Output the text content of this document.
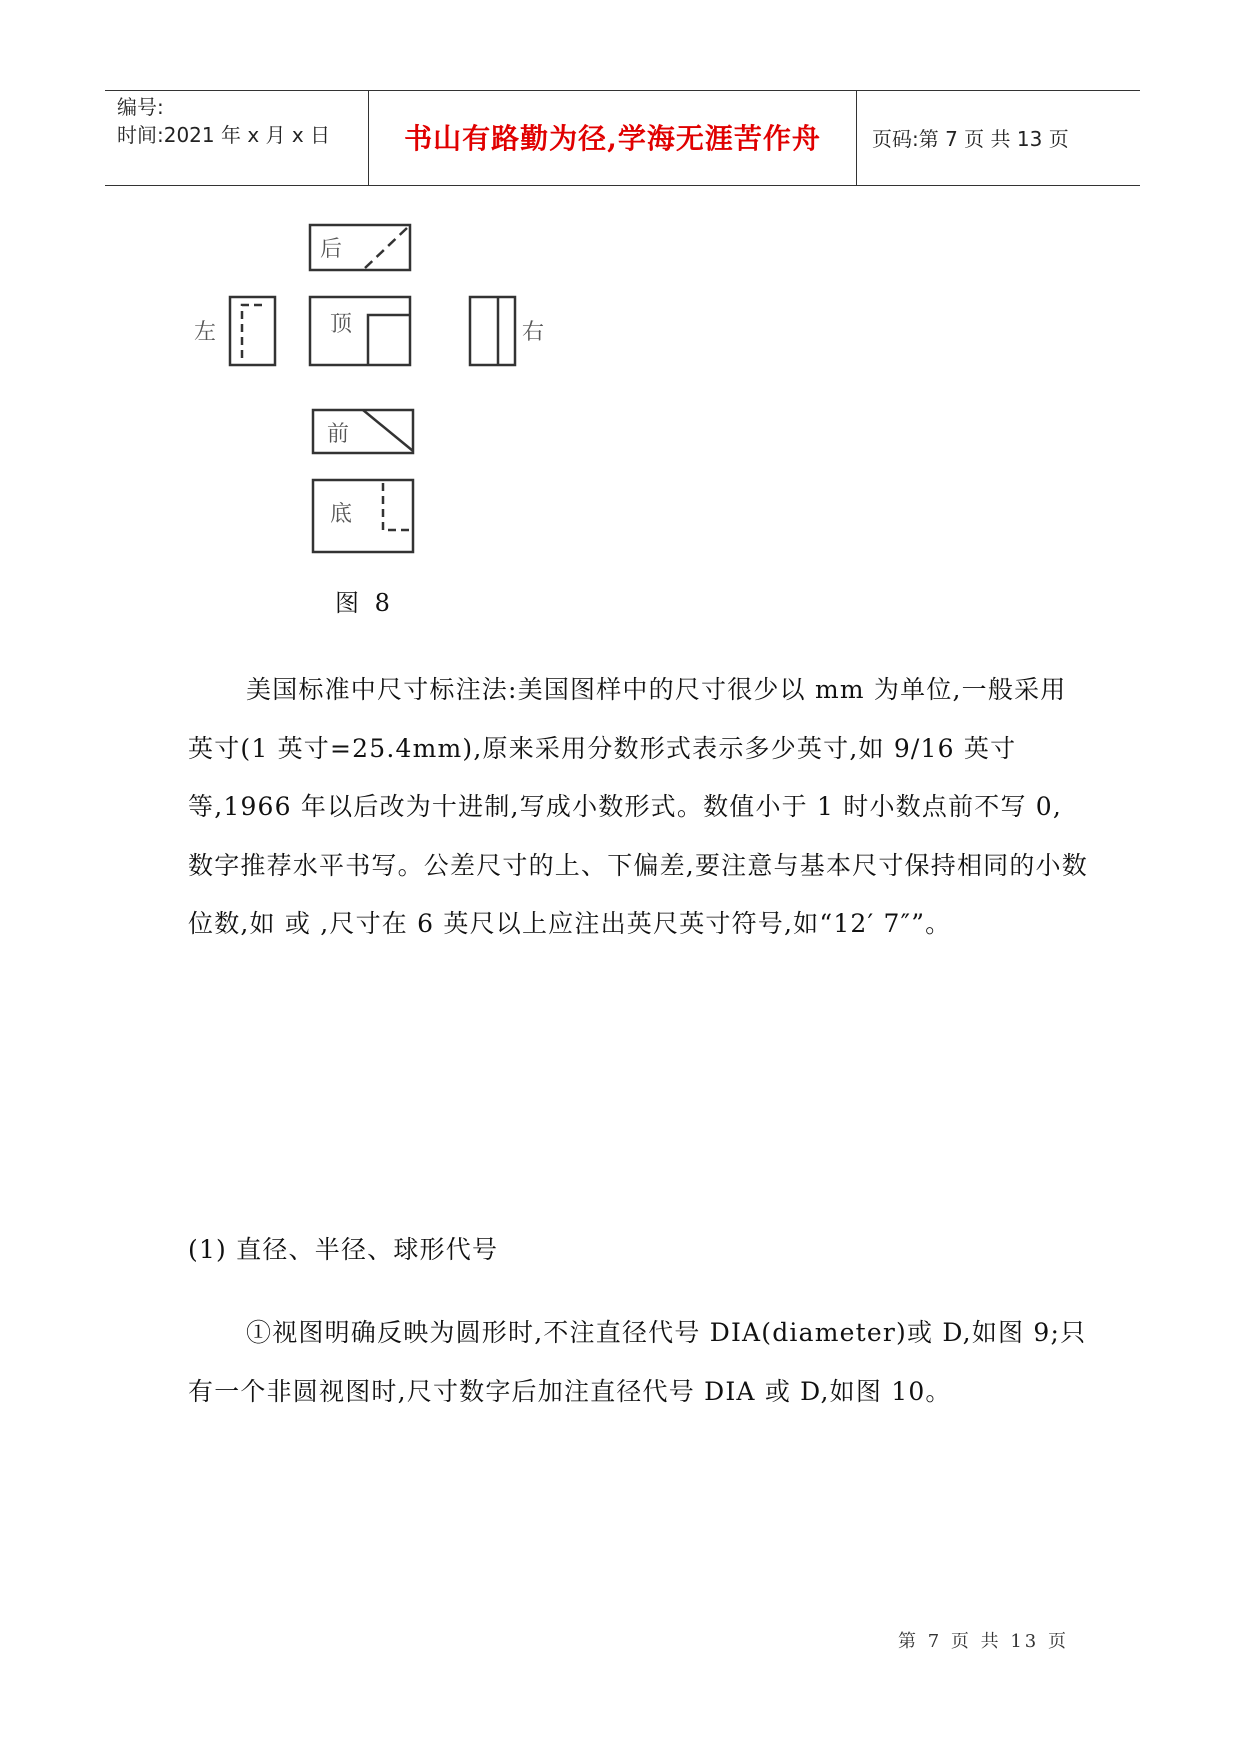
编号:
时间:2021 年 x 月 x 日	书山有路勤为径,学海无涯苦作舟	页码:第 7 页 共 13 页
后
左	顶	右
前
底
图 8
美国标准中尺寸标注法:美国图样中的尺寸很少以 mm 为单位,一般采用英寸(1 英寸=25.4mm),原来采用分数形式表示多少英寸,如 9/16 英寸等,1966 年以后改为十进制,写成小数形式。数值小于 1 时小数点前不写 0,数字推荐水平书写。公差尺寸的上、下偏差,要注意与基本尺寸保持相同的小数位数,如 或 ,尺寸在 6 英尺以上应注出英尺英寸符号,如“12′ 7″”。
(1) 直径、半径、球形代号
①视图明确反映为圆形时,不注直径代号 DIA(diameter)或 D,如图 9;只有一个非圆视图时,尺寸数字后加注直径代号 DIA 或 D,如图 10。
第 7 页 共 13 页
